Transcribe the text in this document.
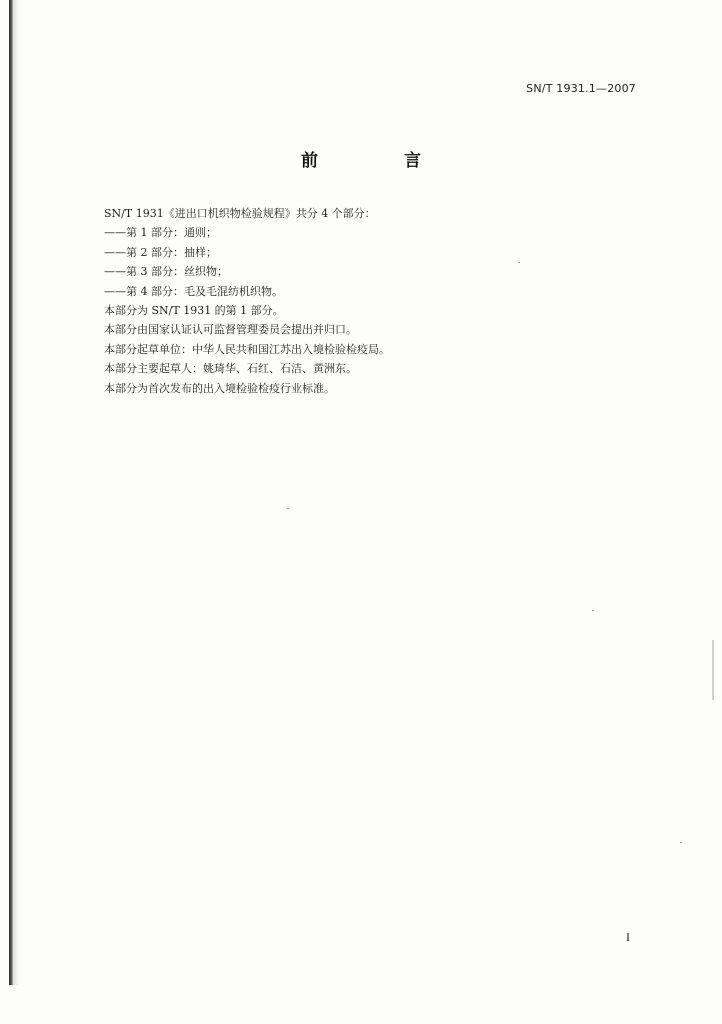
SN/T 1931.1—2007
前 言
SN/T 1931《进出口机织物检验规程》共分 4 个部分：
——第 1 部分：通则；
——第 2 部分：抽样；
——第 3 部分：丝织物；
——第 4 部分：毛及毛混纺机织物。
本部分为 SN/T 1931 的第 1 部分。
本部分由国家认证认可监督管理委员会提出并归口。
本部分起草单位：中华人民共和国江苏出入境检验检疫局。
本部分主要起草人：姚琦华、石红、石洁、黄洲东。
本部分为首次发布的出入境检验检疫行业标准。
I
